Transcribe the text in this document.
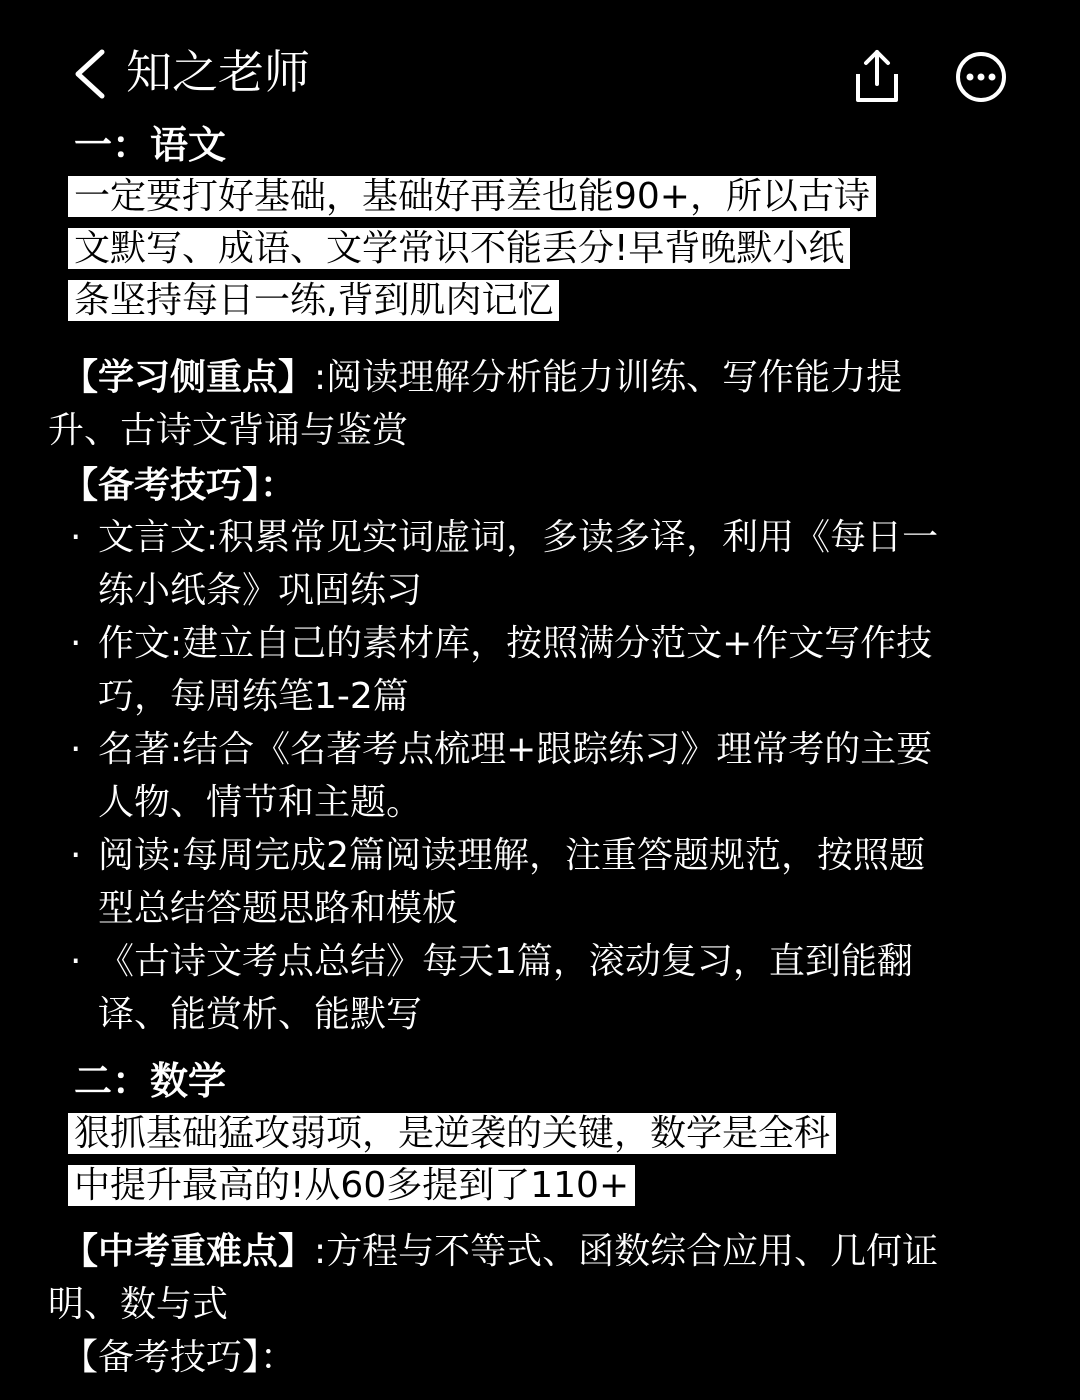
知之老师
一：语文
一定要打好基础，基础好再差也能90+，所以古诗
文默写、成语、文学常识不能丢分!早背晚默小纸
条坚持每日一练,背到肌肉记忆
【学习侧重点】:阅读理解分析能力训练、写作能力提
升、古诗文背诵与鉴赏
【备考技巧】：
· 文言文:积累常见实词虚词，多读多译，利用《每日一
练小纸条》巩固练习
· 作文:建立自己的素材库，按照满分范文+作文写作技
巧，每周练笔1-2篇
· 名著:结合《名著考点梳理+跟踪练习》理常考的主要
人物、情节和主题。
· 阅读:每周完成2篇阅读理解，注重答题规范，按照题
型总结答题思路和模板
· 《古诗文考点总结》每天1篇，滚动复习，直到能翻
译、能赏析、能默写
二：数学
狠抓基础猛攻弱项，是逆袭的关键，数学是全科
中提升最高的!从60多提到了110+
【中考重难点】:方程与不等式、函数综合应用、几何证
明、数与式
【备考技巧】：
